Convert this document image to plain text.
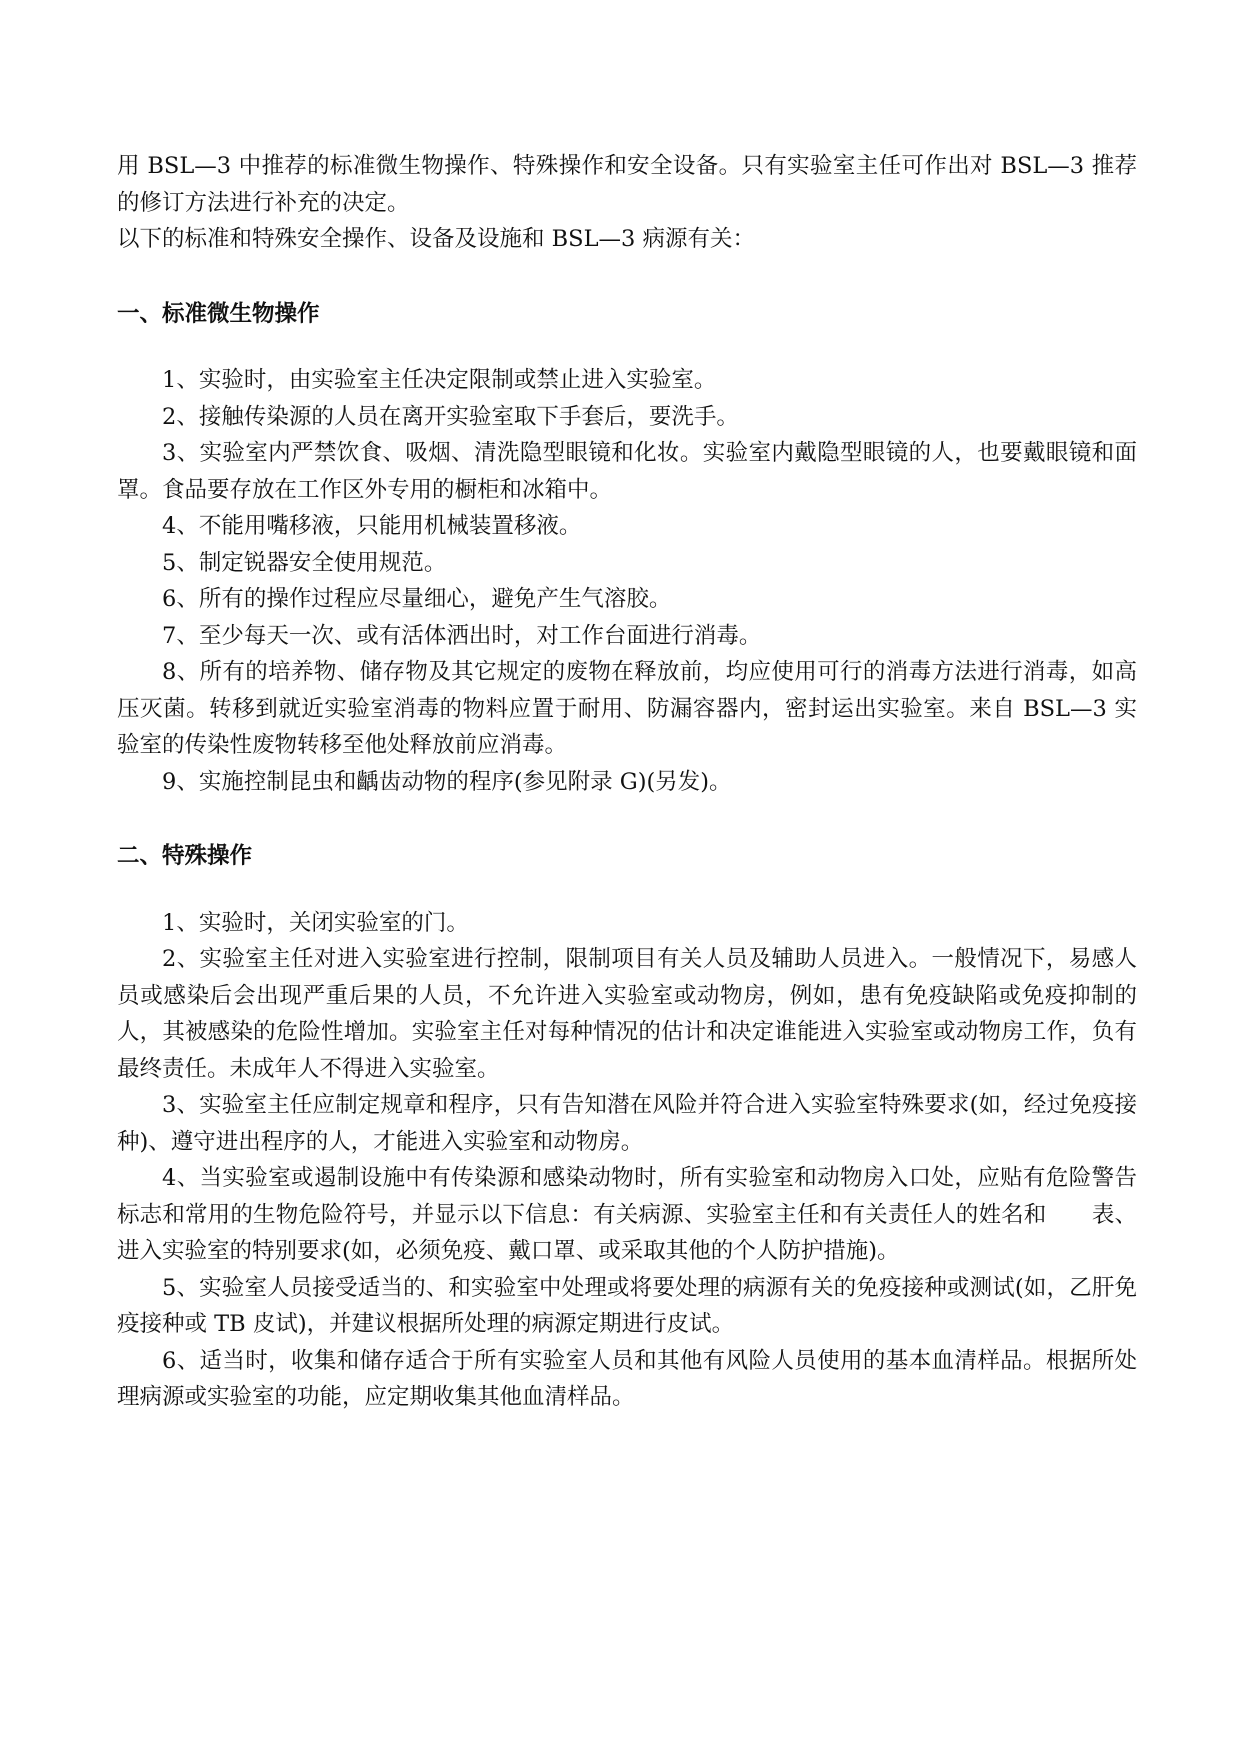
用 BSL—3 中推荐的标准微生物操作、特殊操作和安全设备。只有实验室主任可作出对 BSL—3 推荐的修订方法进行补充的决定。

以下的标准和特殊安全操作、设备及设施和 BSL—3 病源有关：

一、标准微生物操作

1、实验时，由实验室主任决定限制或禁止进入实验室。

2、接触传染源的人员在离开实验室取下手套后，要洗手。

3、实验室内严禁饮食、吸烟、清洗隐型眼镜和化妆。实验室内戴隐型眼镜的人，也要戴眼镜和面罩。食品要存放在工作区外专用的橱柜和冰箱中。

4、不能用嘴移液，只能用机械装置移液。

5、制定锐器安全使用规范。

6、所有的操作过程应尽量细心，避免产生气溶胶。

7、至少每天一次、或有活体洒出时，对工作台面进行消毒。

8、所有的培养物、储存物及其它规定的废物在释放前，均应使用可行的消毒方法进行消毒，如高压灭菌。转移到就近实验室消毒的物料应置于耐用、防漏容器内，密封运出实验室。来自 BSL—3 实验室的传染性废物转移至他处释放前应消毒。

9、实施控制昆虫和齲齿动物的程序(参见附录 G)(另发)。

二、特殊操作

1、实验时，关闭实验室的门。

2、实验室主任对进入实验室进行控制，限制项目有关人员及辅助人员进入。一般情况下，易感人员或感染后会出现严重后果的人员，不允许进入实验室或动物房，例如，患有免疫缺陷或免疫抑制的人，其被感染的危险性增加。实验室主任对每种情况的估计和决定谁能进入实验室或动物房工作，负有最终责任。未成年人不得进入实验室。

3、实验室主任应制定规章和程序，只有告知潜在风险并符合进入实验室特殊要求(如，经过免疫接种)、遵守进出程序的人，才能进入实验室和动物房。

4、当实验室或遏制设施中有传染源和感染动物时，所有实验室和动物房入口处，应贴有危险警告标志和常用的生物危险符号，并显示以下信息：有关病源、实验室主任和有关责任人的姓名和　　表、进入实验室的特别要求(如，必须免疫、戴口罩、或采取其他的个人防护措施)。

5、实验室人员接受适当的、和实验室中处理或将要处理的病源有关的免疫接种或测试(如，乙肝免疫接种或 TB 皮试)，并建议根据所处理的病源定期进行皮试。

6、适当时，收集和储存适合于所有实验室人员和其他有风险人员使用的基本血清样品。根据所处理病源或实验室的功能，应定期收集其他血清样品。
